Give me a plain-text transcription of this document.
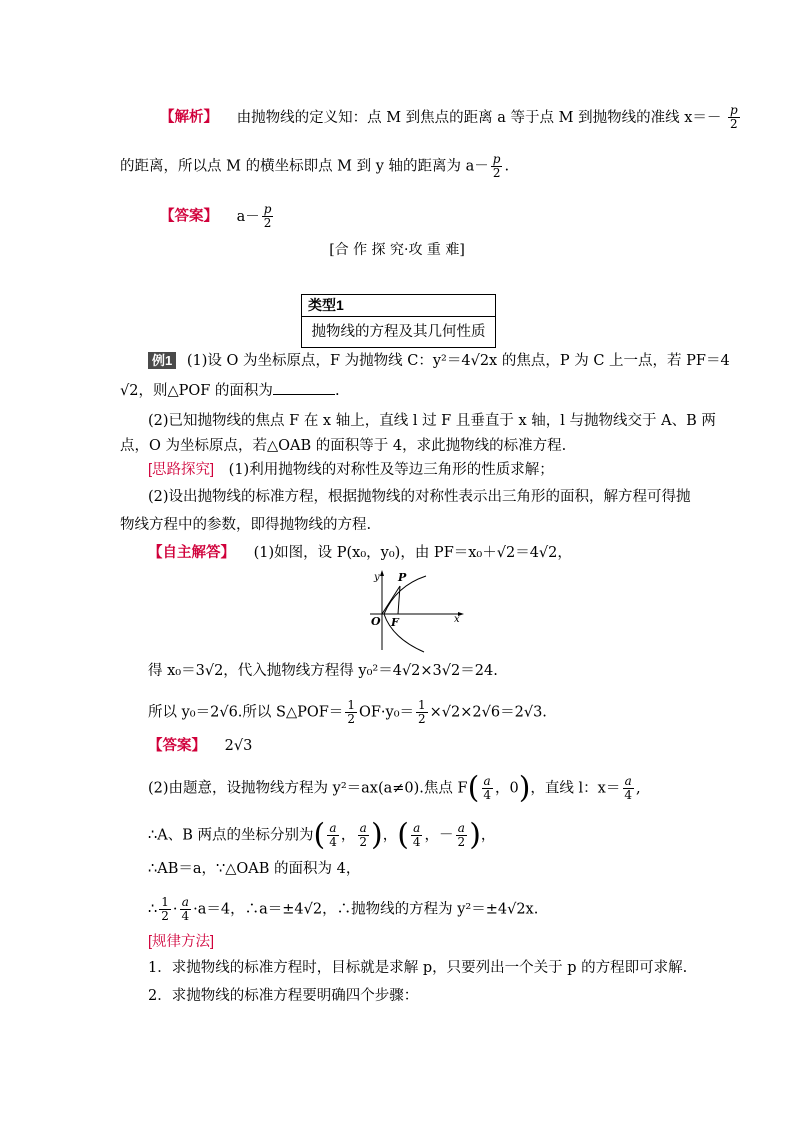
【解析】 由抛物线的定义知：点 M 到焦点的距离 a 等于点 M 到抛物线的准线 $x=- \frac{p}{2}$
的距离，所以点 M 的横坐标即点 M 到 y 轴的距离为 $a- \frac{p}{2}$ .
【答案】 $a- \frac{p}{2}$
[合 作 探 究·攻 重 难]
类型1
抛物线的方程及其几何性质
例1 (1)设 O 为坐标原点，F 为抛物线 C：y²＝4√2x 的焦点，P 为 C 上一点，若 PF＝4
√2，则△POF 的面积为	.
(2)已知抛物线的焦点 F 在 x 轴上，直线 l 过 F 且垂直于 x 轴，l 与抛物线交于 A、B 两
点，O 为坐标原点，若△OAB 的面积等于 4，求此抛物线的标准方程.
[思路探究] (1)利用抛物线的对称性及等边三角形的性质求解；
(2)设出抛物线的标准方程，根据抛物线的对称性表示出三角形的面积，解方程可得抛
物线方程中的参数，即得抛物线的方程.
【自主解答】 (1)如图，设 P(x₀，y₀)，由 PF＝x₀＋√2＝4√2，
y P
O F	x
得 x₀＝3√2，代入抛物线方程得 y₀²＝4√2×3√2＝24.
所以 y₀＝2√6.所以 S△POF＝ $\frac{1}{2} OF\cdot y_0= \frac{1}{2} \times√2\times 2√6=2√3$.
【答案】 2√3
(2)由题意，设抛物线方程为 y²＝ax(a≠0).焦点 $F( \frac{a}{4}$ ，0)，直线 l：$x= \frac{a}{4}$ ,
∴A、B 两点的坐标分别为( $\frac{a}{4}$ ， $\frac{a}{2}$ )，( $\frac{a}{4}$ ，－ $\frac{a}{2}$ )，
∴AB＝a，∵△OAB 的面积为 4，
∴ $\frac{1}{2} \cdot \frac{a}{4} \cdot a=4$，∴a＝±4√2，∴抛物线的方程为 y²＝±4√2x.
[规律方法]
1．求抛物线的标准方程时，目标就是求解 p，只要列出一个关于 p 的方程即可求解.
2．求抛物线的标准方程要明确四个步骤：
